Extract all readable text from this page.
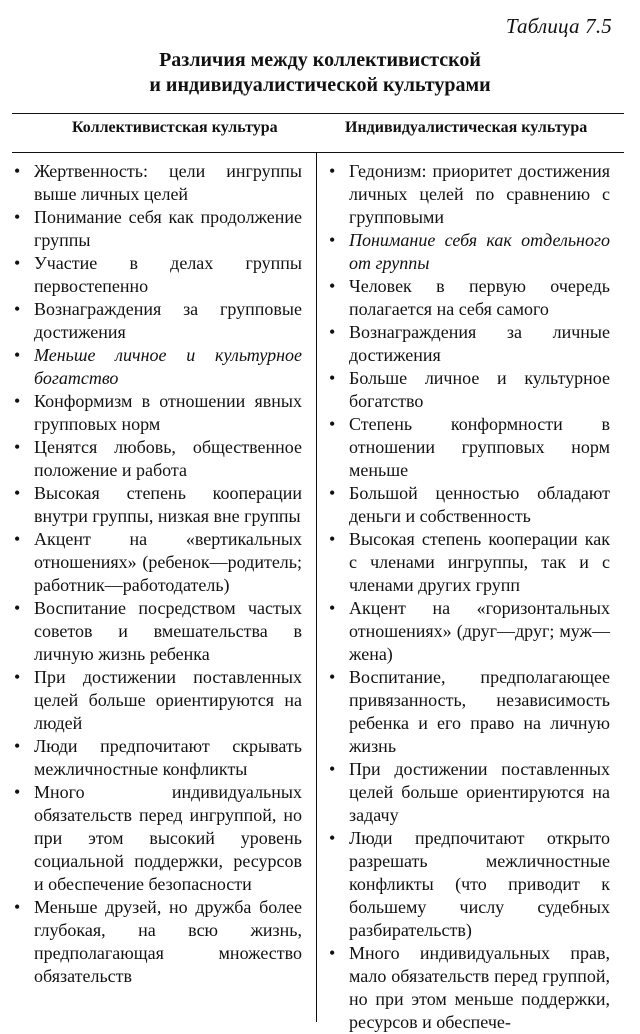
Таблица 7.5
Различия между коллективистской
и индивидуалистической культурами
Коллективистская культура	Индивидуалистическая культура
• Жертвенность: цели ингруппы выше личных целей
• Понимание себя как продолжение группы
• Участие в делах группы первостепенно
• Вознаграждения за групповые достижения
• Меньше личное и культурное богатство
• Конформизм в отношении явных групповых норм
• Ценятся любовь, общественное положение и работа
• Высокая степень кооперации внутри группы, низкая вне группы
• Акцент на «вертикальных отношениях» (ребенок—родитель; работник—работодатель)
• Воспитание посредством частых советов и вмешательства в личную жизнь ребенка
• При достижении поставленных целей больше ориентируются на людей
• Люди предпочитают скрывать межличностные конфликты
• Много индивидуальных обязательств перед ингруппой, но при этом высокий уровень социальной поддержки, ресурсов и обеспечение безопасности
• Меньше друзей, но дружба более глубокая, на всю жизнь, предполагающая множество обязательств
• Гедонизм: приоритет достижения личных целей по сравнению с групповыми
• Понимание себя как отдельного от группы
• Человек в первую очередь полагается на себя самого
• Вознаграждения за личные достижения
• Больше личное и культурное богатство
• Степень конформности в отношении групповых норм меньше
• Большой ценностью обладают деньги и собственность
• Высокая степень кооперации как с членами ингруппы, так и с членами других групп
• Акцент на «горизонтальных отношениях» (друг—друг; муж—жена)
• Воспитание, предполагающее привязанность, независимость ребенка и его право на личную жизнь
• При достижении поставленных целей больше ориентируются на задачу
• Люди предпочитают открыто разрешать межличностные конфликты (что приводит к большему числу судебных разбирательств)
• Много индивидуальных прав, мало обязательств перед группой, но при этом меньше поддержки, ресурсов и обеспече-
